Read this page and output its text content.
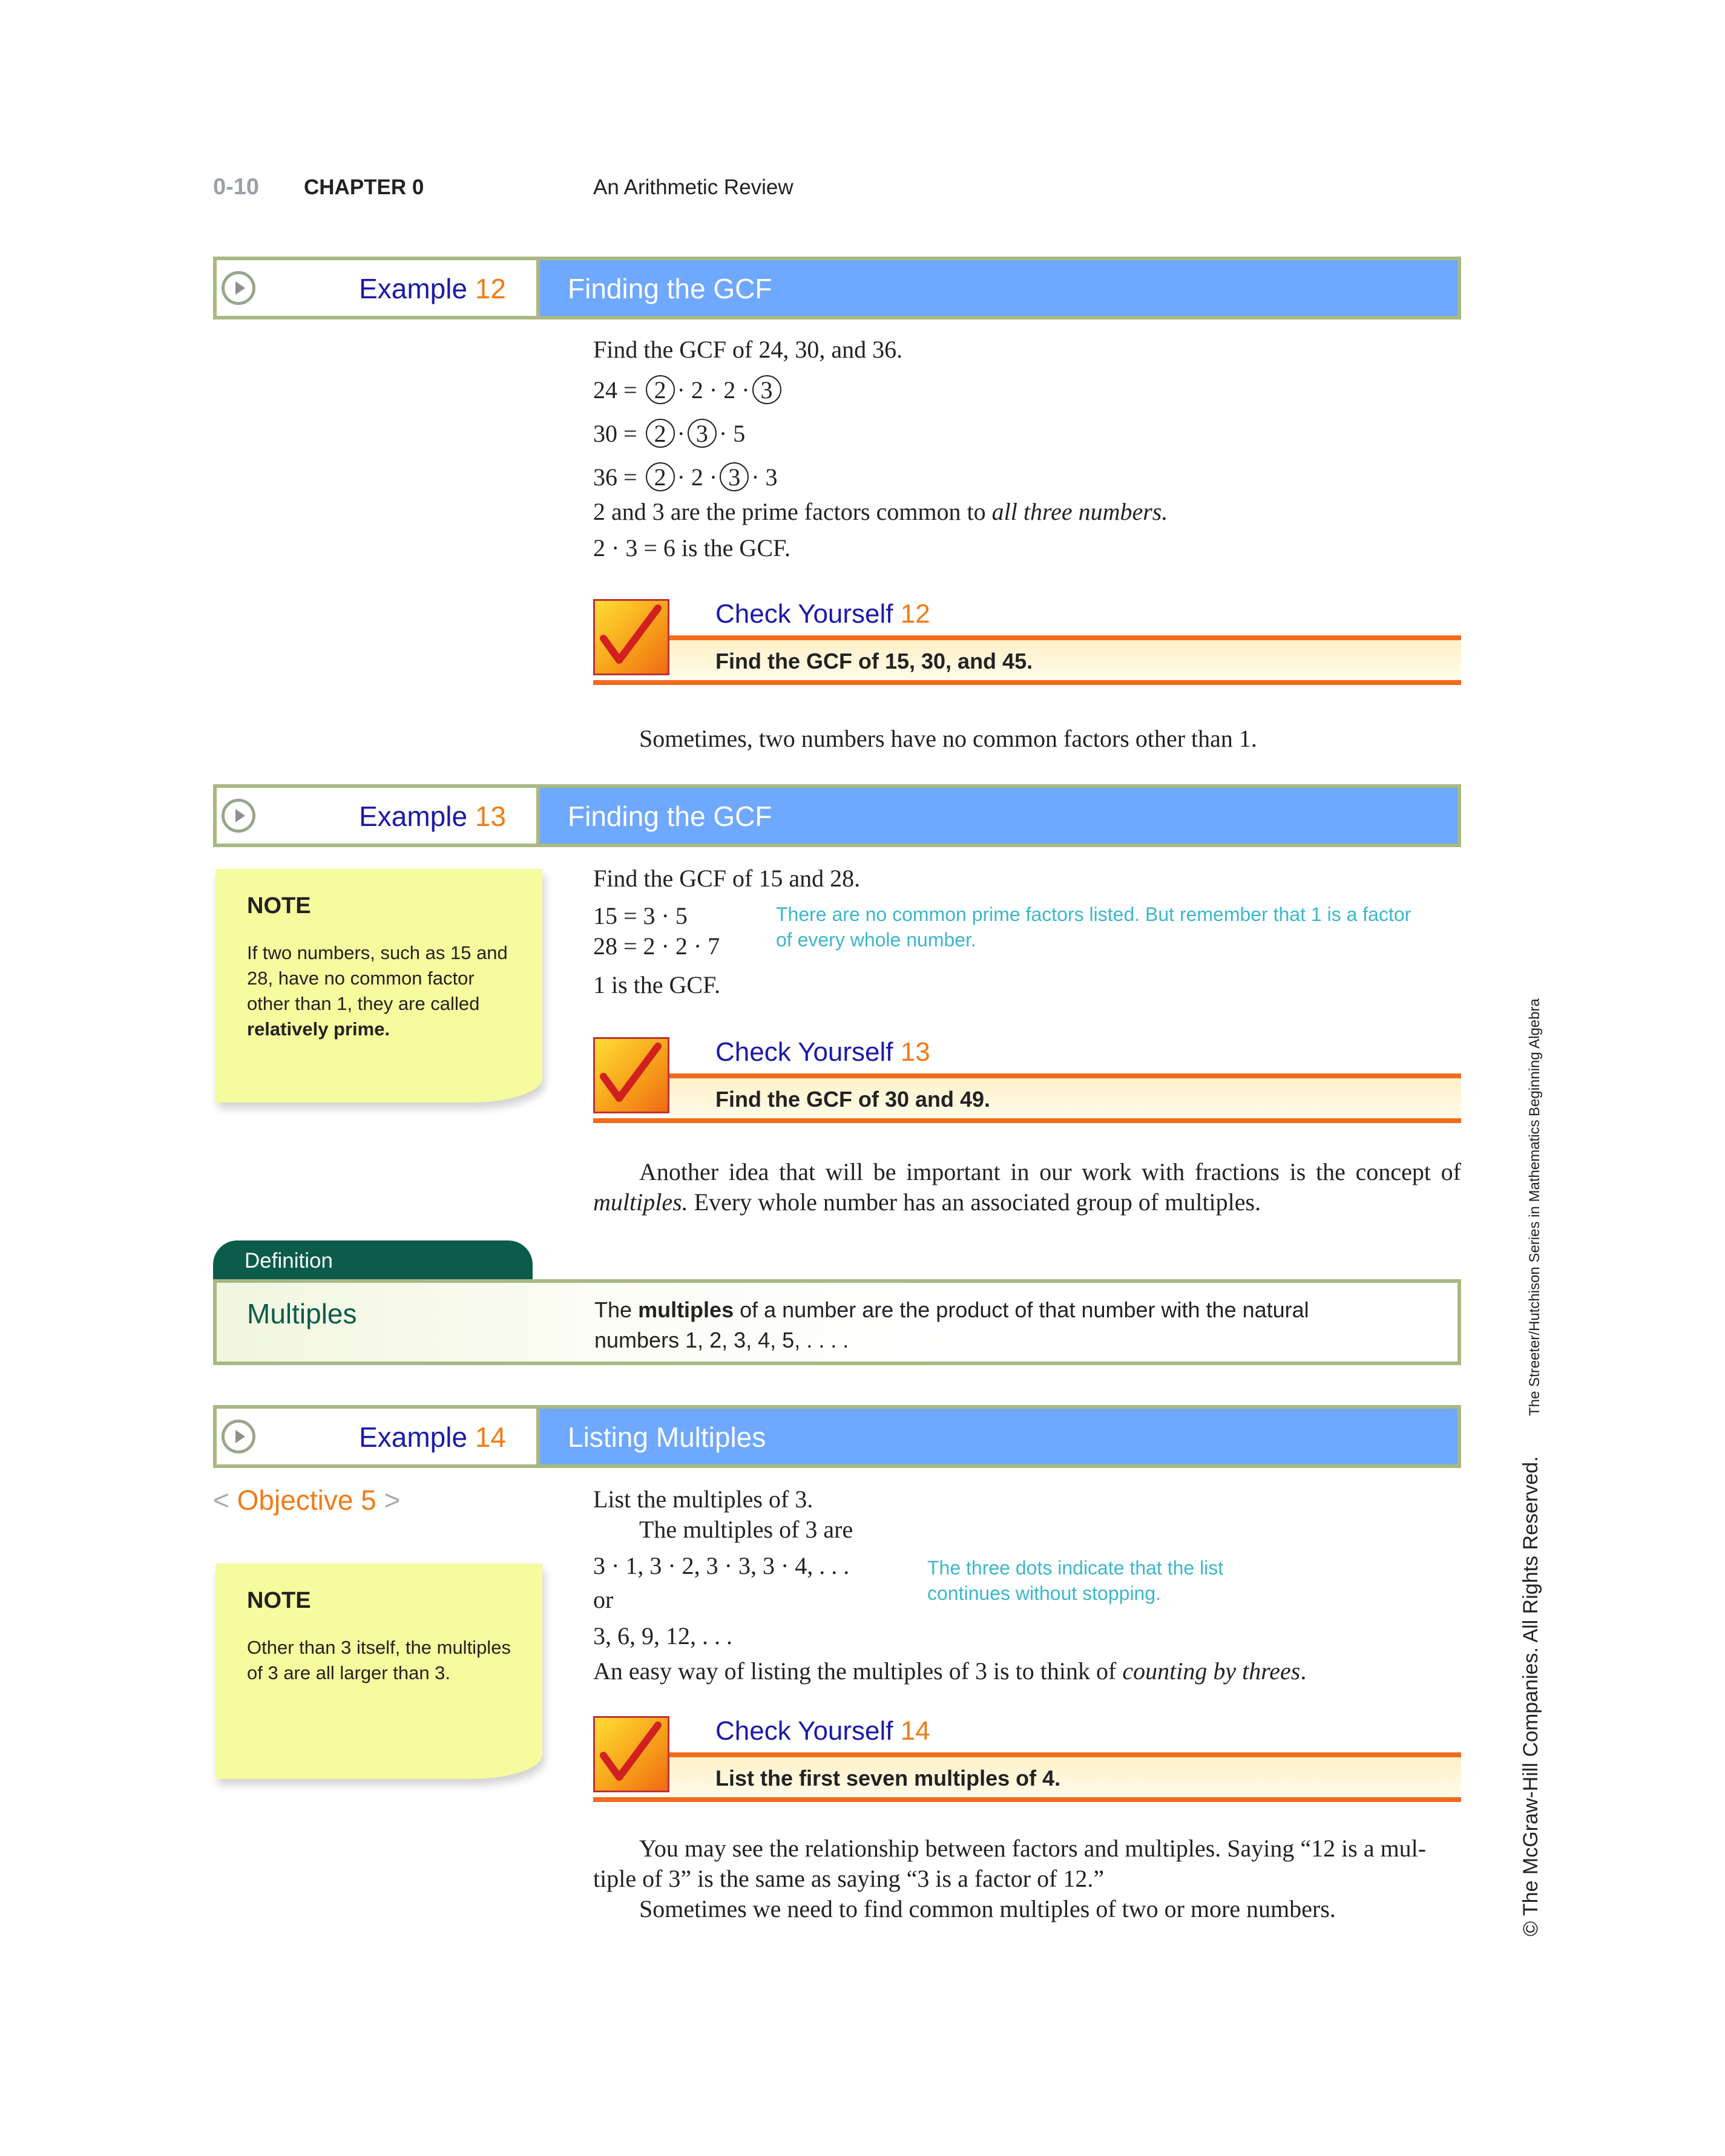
0-10 CHAPTER 0	An Arithmetic Review
Example 12 Finding the GCF
Find the GCF of 24, 30, and 36.
24 = 2 · 2 · 2 · 3
30 = 2 · 3 · 5
36 = 2 · 2 · 3 · 3
2 and 3 are the prime factors common to all three numbers.
2 · 3 = 6 is the GCF.
Check Yourself 12
Find the GCF of 15, 30, and 45.
Sometimes, two numbers have no common factors other than 1.
Example 13 Finding the GCF
NOTE
If two numbers, such as 15 and 28, have no common factor other than 1, they are called relatively prime.
Find the GCF of 15 and 28.
15 = 3 · 5
28 = 2 · 2 · 7
1 is the GCF.
There are no common prime factors listed. But remember that 1 is a factor of every whole number.
Check Yourself 13
Find the GCF of 30 and 49.
Another idea that will be important in our work with fractions is the concept of multiples. Every whole number has an associated group of multiples.
Definition
Multiples	The multiples of a number are the product of that number with the natural numbers 1, 2, 3, 4, 5, . . . .
Example 14 Listing Multiples
< Objective 5 >
NOTE
Other than 3 itself, the multiples of 3 are all larger than 3.
List the multiples of 3.
The multiples of 3 are
3 · 1, 3 · 2, 3 · 3, 3 · 4, . . .
or
3, 6, 9, 12, . . .
An easy way of listing the multiples of 3 is to think of counting by threes.
The three dots indicate that the list continues without stopping.
Check Yourself 14
List the first seven multiples of 4.
You may see the relationship between factors and multiples. Saying “12 is a mul-
tiple of 3” is the same as saying “3 is a factor of 12.”
Sometimes we need to find common multiples of two or more numbers.
Beginning Algebra
The Streeter/Hutchison Series in Mathematics
© The McGraw-Hill Companies. All Rights Reserved.
